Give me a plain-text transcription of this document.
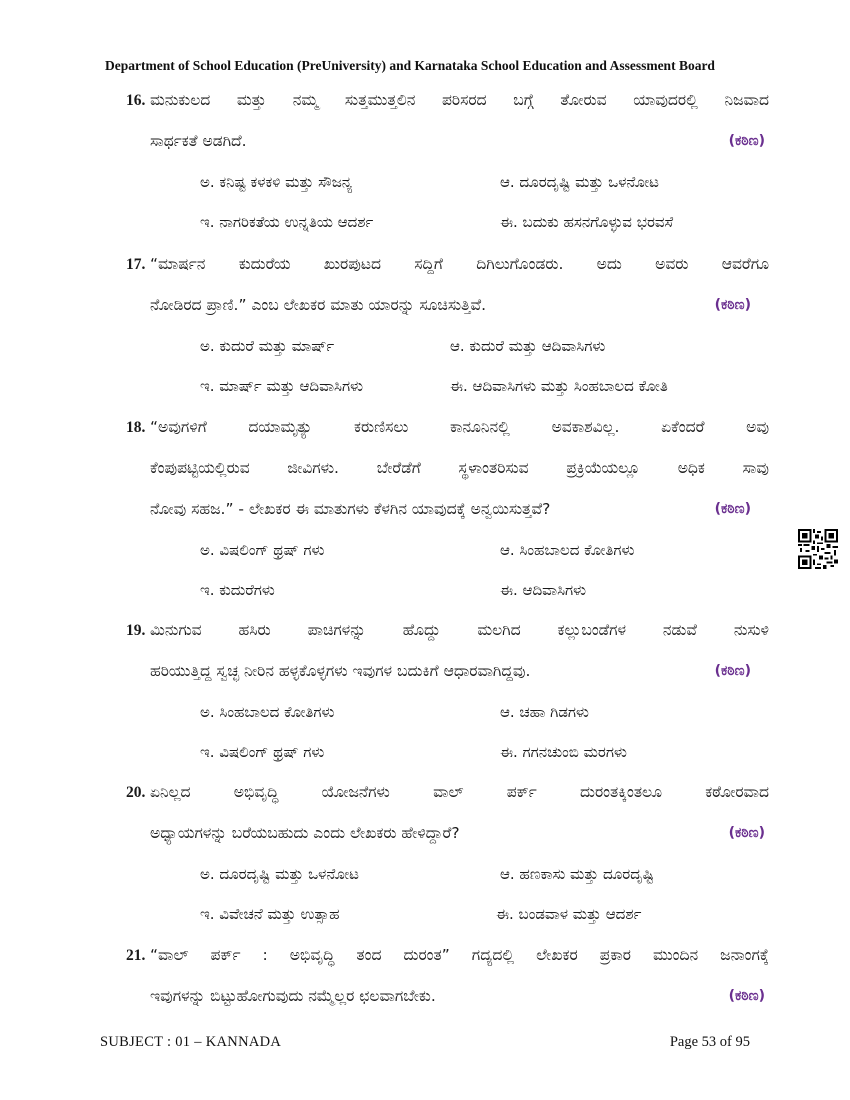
Department of School Education (PreUniversity) and Karnataka School Education and Assessment Board
16. ಮನುಕುಲದ ಮತ್ತು ನಮ್ಮ ಸುತ್ತಮುತ್ತಲಿನ ಪರಿಸರದ ಬಗ್ಗೆ ತೋರುವ ಯಾವುದರಲ್ಲಿ ನಿಜವಾದ
ಸಾರ್ಥಕತೆ ಅಡಗಿದೆ.	(ಕಠಿಣ)
ಅ. ಕನಿಷ್ಟ ಕಳಕಳಿ ಮತ್ತು ಸೌಜನ್ಯ	ಆ. ದೂರದೃಷ್ಟಿ ಮತ್ತು ಒಳನೋಟ
ಇ. ನಾಗರಿಕತೆಯ ಉನ್ನತಿಯ ಆದರ್ಶ	ಈ. ಬದುಕು ಹಸನಗೊಳ್ಳುವ ಭರವಸೆ
17. “ಮಾರ್ಷನ ಕುದುರೆಯ ಖುರಪುಟದ ಸದ್ದಿಗೆ ದಿಗಿಲುಗೊಂಡರು. ಅದು ಅವರು ಆವರೆಗೂ
ನೋಡಿರದ ಪ್ರಾಣಿ.” ಎಂಬ ಲೇಖಕರ ಮಾತು ಯಾರನ್ನು ಸೂಚಿಸುತ್ತಿವೆ.	(ಕಠಿಣ)
ಅ. ಕುದುರೆ ಮತ್ತು ಮಾರ್ಷ್	ಆ. ಕುದುರೆ ಮತ್ತು ಆದಿವಾಸಿಗಳು
ಇ. ಮಾರ್ಷ್ ಮತ್ತು ಆದಿವಾಸಿಗಳು	ಈ. ಆದಿವಾಸಿಗಳು ಮತ್ತು ಸಿಂಹಬಾಲದ ಕೋತಿ
18. “ಅವುಗಳಿಗೆ ದಯಾಮೃತ್ಯು ಕರುಣಿಸಲು ಕಾನೂನಿನಲ್ಲಿ ಅವಕಾಶವಿಲ್ಲ. ಏಕೆಂದರೆ ಅವು
ಕೆಂಪುಪಟ್ಟಿಯಲ್ಲಿರುವ ಜೀವಿಗಳು. ಬೇರೆಡೆಗೆ ಸ್ಥಳಾಂತರಿಸುವ ಪ್ರಕ್ರಿಯೆಯಲ್ಲೂ ಅಧಿಕ ಸಾವು
ನೋವು ಸಹಜ.” - ಲೇಖಕರ ಈ ಮಾತುಗಳು ಕೆಳಗಿನ ಯಾವುದಕ್ಕೆ ಅನ್ವಯಿಸುತ್ತವೆ?	(ಕಠಿಣ)
ಅ. ವಿಷಲಿಂಗ್ ಥ್ರಷ್ ಗಳು	ಆ. ಸಿಂಹಬಾಲದ ಕೋತಿಗಳು
ಇ. ಕುದುರೆಗಳು	ಈ. ಆದಿವಾಸಿಗಳು
19. ಮಿನುಗುವ ಹಸಿರು ಪಾಚಿಗಳನ್ನು ಹೊದ್ದು ಮಲಗಿದ ಕಲ್ಲುಬಂಡೆಗಳ ನಡುವೆ ನುಸುಳಿ
ಹರಿಯುತ್ತಿದ್ದ ಸ್ವಚ್ಛ ನೀರಿನ ಹಳ್ಳಕೊಳ್ಳಗಳು ಇವುಗಳ ಬದುಕಿಗೆ ಆಧಾರವಾಗಿದ್ದವು.	(ಕಠಿಣ)
ಅ. ಸಿಂಹಬಾಲದ ಕೋತಿಗಳು	ಆ. ಚಹಾ ಗಿಡಗಳು
ಇ. ವಿಷಲಿಂಗ್ ಥ್ರಷ್ ಗಳು	ಈ. ಗಗನಚುಂಬಿ ಮರಗಳು
20. ಏನಿಲ್ಲದ ಅಭಿವೃದ್ಧಿ ಯೋಜನೆಗಳು ವಾಲ್ ಪರ್ಕ್ ದುರಂತಕ್ಕಿಂತಲೂ ಕಠೋರವಾದ
ಅಧ್ಯಾಯಗಳನ್ನು ಬರೆಯಬಹುದು ಎಂದು ಲೇಖಕರು ಹೇಳಿದ್ದಾರೆ?	(ಕಠಿಣ)
ಅ. ದೂರದೃಷ್ಟಿ ಮತ್ತು ಒಳನೋಟ	ಆ. ಹಣಕಾಸು ಮತ್ತು ದೂರದೃಷ್ಟಿ
ಇ. ವಿವೇಚನೆ ಮತ್ತು ಉತ್ಸಾಹ	ಈ. ಬಂಡವಾಳ ಮತ್ತು ಆದರ್ಶ
21. “ವಾಲ್ ಪರ್ಕ್ : ಅಭಿವೃದ್ಧಿ ತಂದ ದುರಂತ” ಗದ್ಯದಲ್ಲಿ ಲೇಖಕರ ಪ್ರಕಾರ ಮುಂದಿನ ಜನಾಂಗಕ್ಕೆ
ಇವುಗಳನ್ನು ಬಿಟ್ಟುಹೋಗುವುದು ನಮ್ಮೆಲ್ಲರ ಛಲವಾಗಬೇಕು.	(ಕಠಿಣ)
SUBJECT : 01 – KANNADA	Page 53 of 95
